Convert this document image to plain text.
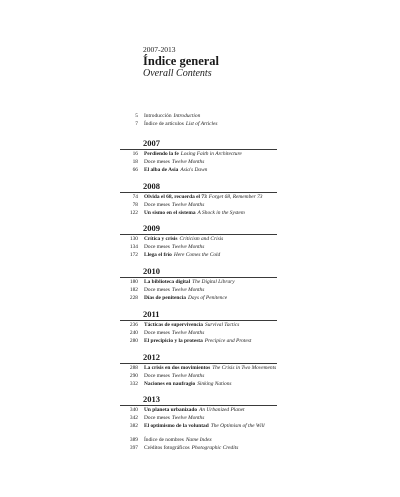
2007-2013
Índice general
Overall Contents
5 Introducción Introduction
7 Índice de artículos List of Articles
2007
16 Perdiendo la fe Losing Faith in Architecture
18 Doce meses Twelve Months
66 El alba de Asia Asia's Dawn
2008
74 Olvida el 68, recuerda el 73 Forget 68, Remember 73
78 Doce meses Twelve Months
122 Un sismo en el sistema A Shock in the System
2009
130 Crítica y crisis Criticism and Crisis
134 Doce meses Twelve Months
172 Llega el frío Here Comes the Cold
2010
180 La biblioteca digital The Digital Library
182 Doce meses Twelve Months
228 Días de penitencia Days of Penitence
2011
236 Tácticas de supervivencia Survival Tactics
240 Doce meses Twelve Months
280 El precipicio y la protesta Precipice and Protest
2012
288 La crisis en dos movimientos The Crisis in Two Movements
290 Doce meses Twelve Months
332 Naciones en naufragio Sinking Nations
2013
340 Un planeta urbanizado An Urbanized Planet
342 Doce meses Twelve Months
382 El optimismo de la voluntad The Optimism of the Will
389 Índice de nombres Name Index
397 Créditos fotográficos Photographic Credits
